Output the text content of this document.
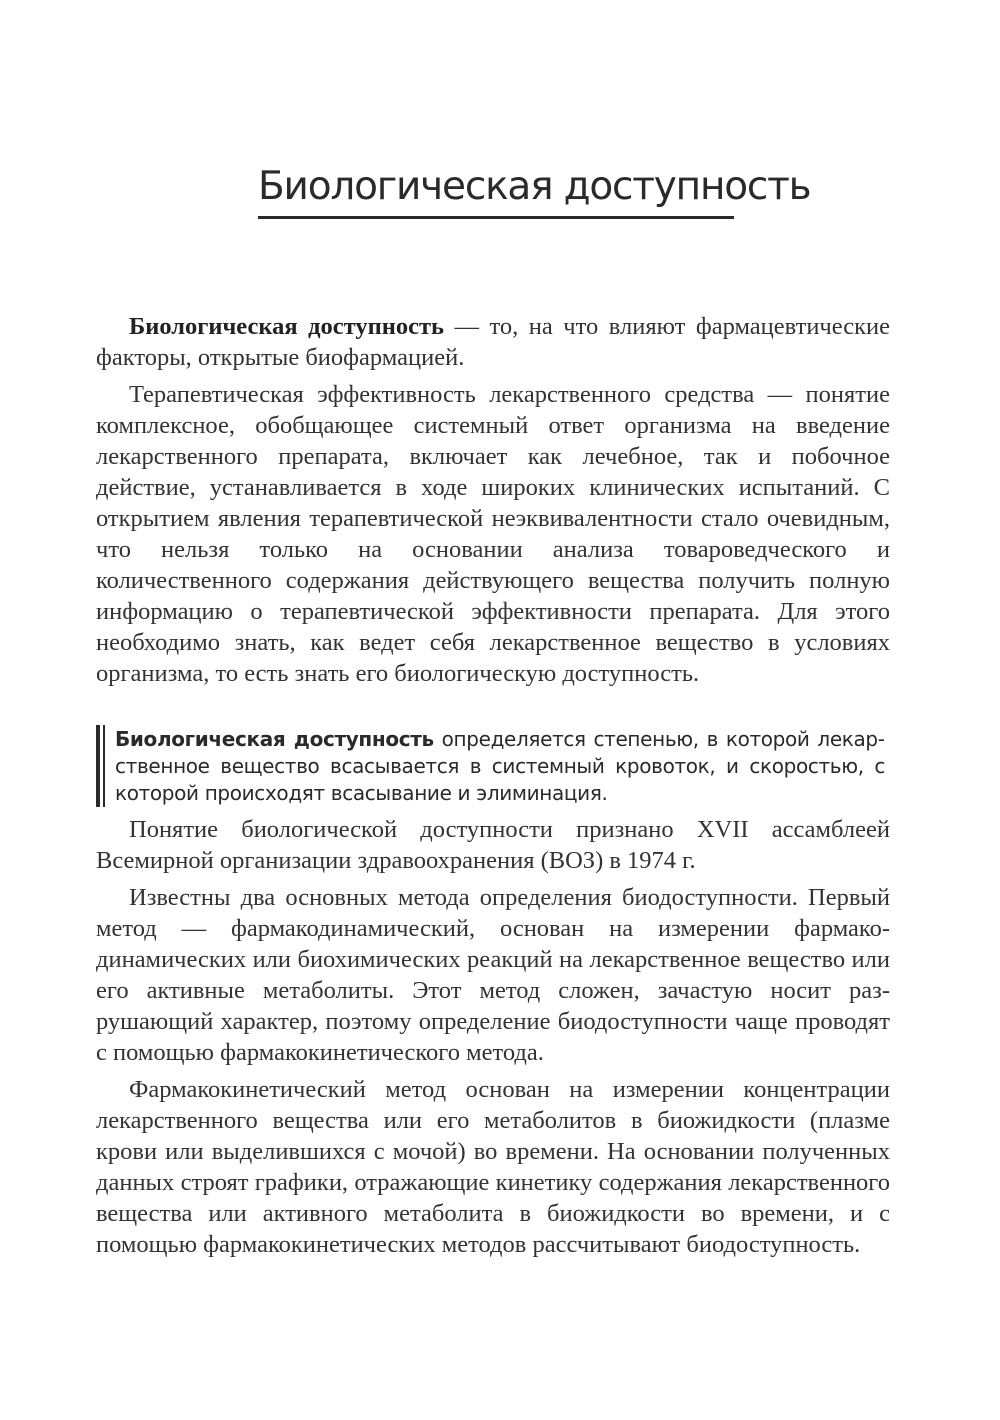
Биологическая доступность

Биологическая доступность — то, на что влияют фармацевтические факторы, открытые биофармацией.

Терапевтическая эффективность лекарственного средства — понятие комплексное, обобщающее системный ответ организма на введение лекарственного препарата, включает как лечебное, так и побочное действие, устанавливается в ходе широких клинических испытаний. С открытием явления терапевтической неэквивалентности стало очевидным, что нельзя только на основании анализа товароведческого и количественного содержания действующего вещества получить полную информацию о терапевтической эффективности препарата. Для этого необходимо знать, как ведет себя лекарственное вещество в условиях организма, то есть знать его биологическую доступность.

Биологическая доступность определяется степенью, в которой лекарственное вещество всасывается в системный кровоток, и скоростью, с которой происходят всасывание и элиминация.

Понятие биологической доступности признано XVII ассамблеей Всемирной организации здравоохранения (ВОЗ) в 1974 г.

Известны два основных метода определения биодоступности. Первый метод — фармакодинамический, основан на измерении фармакодинамических или биохимических реакций на лекарственное вещество или его активные метаболиты. Этот метод сложен, зачастую носит разрушающий характер, поэтому определение биодоступности чаще проводят с помощью фармакокинетического метода.

Фармакокинетический метод основан на измерении концентрации лекарственного вещества или его метаболитов в биожидкости (плазме крови или выделившихся с мочой) во времени. На основании полученных данных строят графики, отражающие кинетику содержания лекарственного вещества или активного метаболита в биожидкости во времени, и с помощью фармакокинетических методов рассчитывают биодоступность.
